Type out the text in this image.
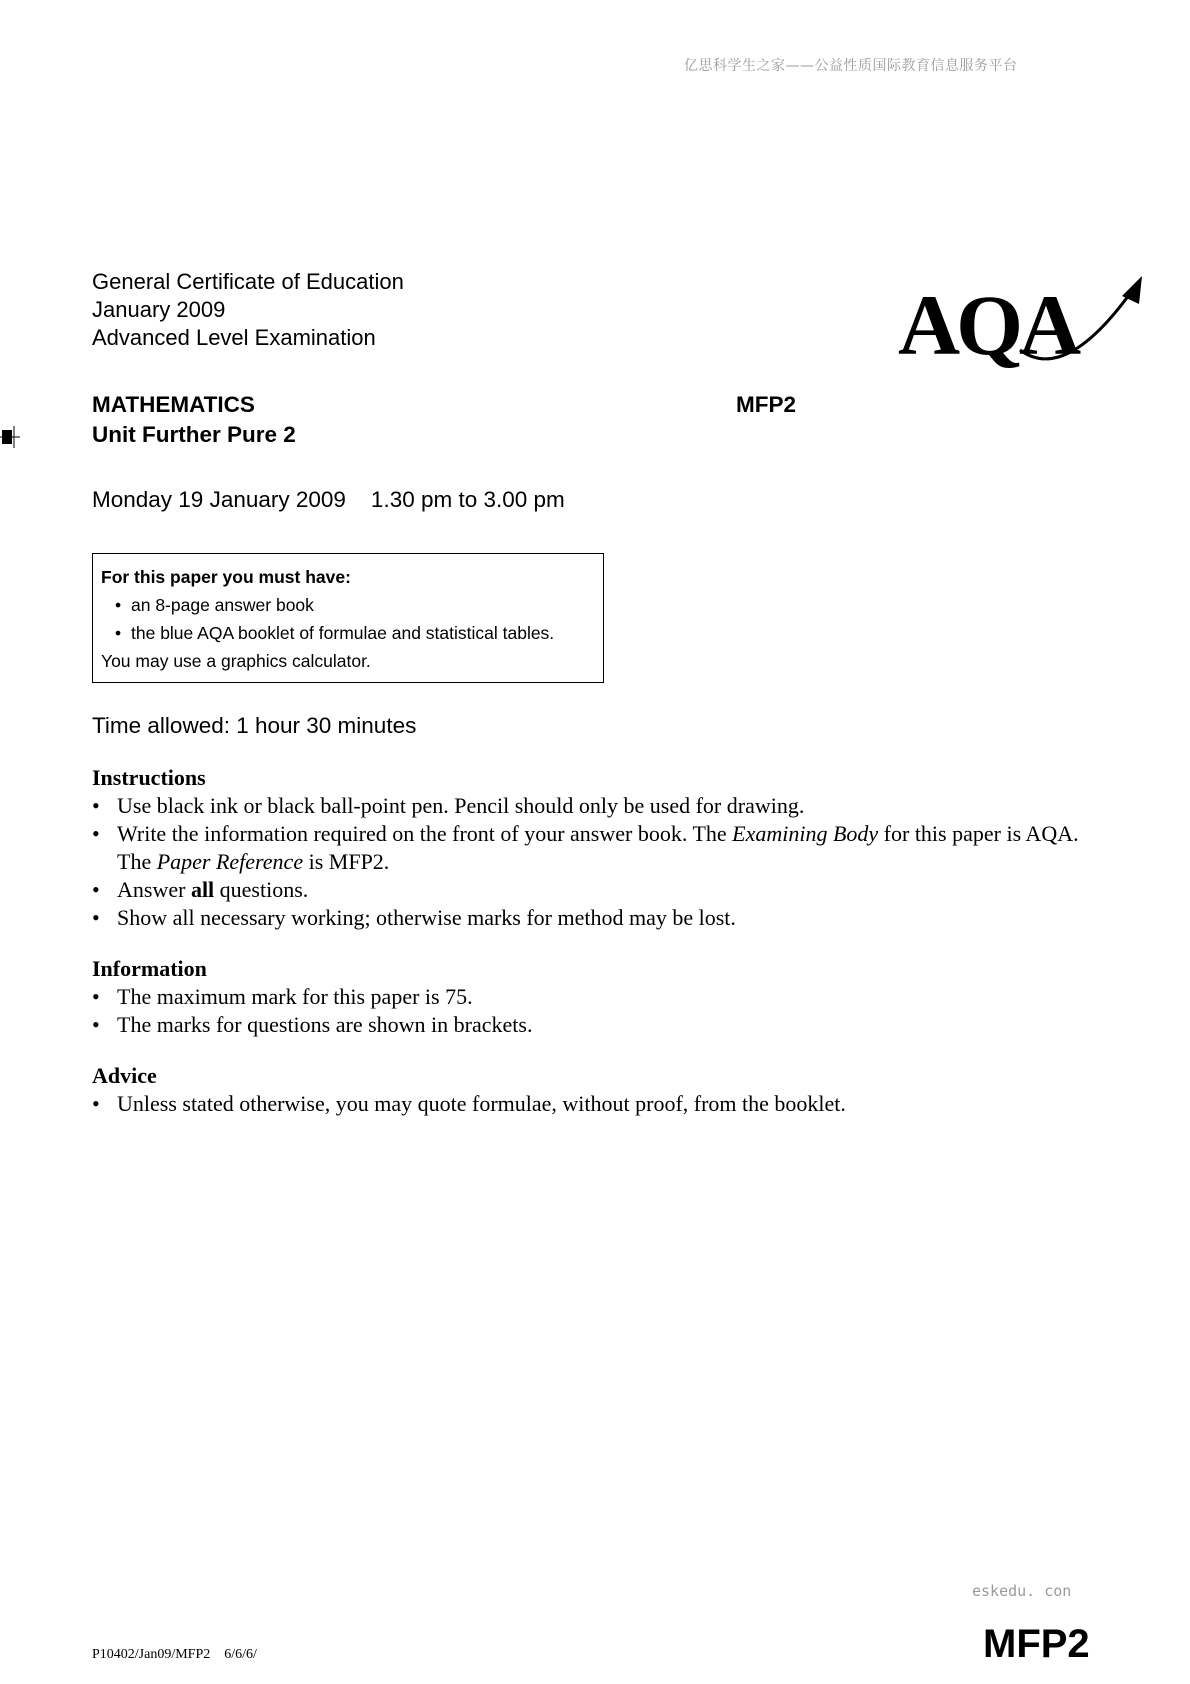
亿思科学生之家——公益性质国际教育信息服务平台
General Certificate of Education
January 2009
Advanced Level Examination	AQA
MATHEMATICS
Unit Further Pure 2
MFP2
Monday 19 January 2009    1.30 pm to 3.00 pm
For this paper you must have:
• an 8-page answer book
• the blue AQA booklet of formulae and statistical tables.
You may use a graphics calculator.
Time allowed: 1 hour 30 minutes
Instructions
• Use black ink or black ball-point pen. Pencil should only be used for drawing.
• Write the information required on the front of your answer book. The Examining Body for this paper is AQA. The Paper Reference is MFP2.
• Answer all questions.
• Show all necessary working; otherwise marks for method may be lost.
Information
• The maximum mark for this paper is 75.
• The marks for questions are shown in brackets.
Advice
• Unless stated otherwise, you may quote formulae, without proof, from the booklet.
eskedu. con
P10402/Jan09/MFP2    6/6/6/	MFP2
